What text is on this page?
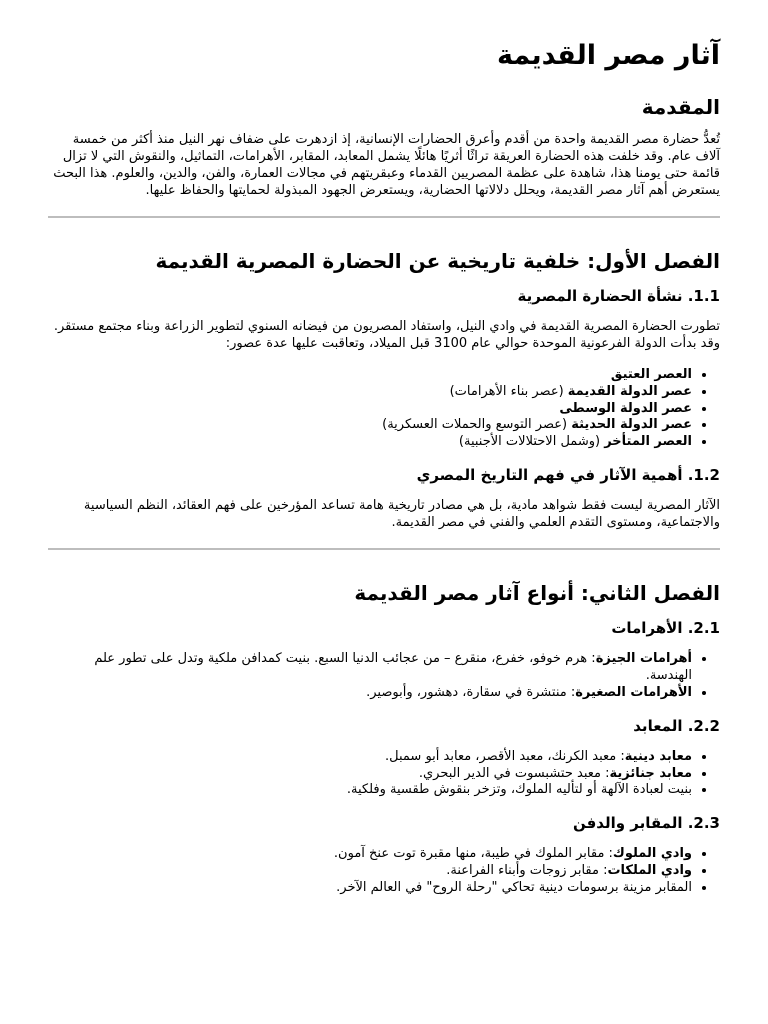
آثار مصر القديمة
المقدمة

تُعدُّ حضارة مصر القديمة واحدة من أقدم وأعرق الحضارات الإنسانية، إذ ازدهرت على ضفاف نهر النيل منذ أكثر من خمسة آلاف عام. وقد خلفت هذه الحضارة العريقة تراثًا أثريًا هائلًا يشمل المعابد، المقابر، الأهرامات، التماثيل، والنقوش التي لا تزال قائمة حتى يومنا هذا، شاهدة على عظمة المصريين القدماء وعبقريتهم في مجالات العمارة، والفن، والدين، والعلوم. هذا البحث يستعرض أهم آثار مصر القديمة، ويحلل دلالاتها الحضارية، ويستعرض الجهود المبذولة لحمايتها والحفاظ عليها.

الفصل الأول: خلفية تاريخية عن الحضارة المصرية القديمة
1.1. نشأة الحضارة المصرية

تطورت الحضارة المصرية القديمة في وادي النيل، واستفاد المصريون من فيضانه السنوي لتطوير الزراعة وبناء مجتمع مستقر. وقد بدأت الدولة الفرعونية الموحدة حوالي عام 3100 قبل الميلاد، وتعاقبت عليها عدة عصور:

• العصر العتيق
• عصر الدولة القديمة (عصر بناء الأهرامات)
• عصر الدولة الوسطى
• عصر الدولة الحديثة (عصر التوسع والحملات العسكرية)
• العصر المتأخر (وشمل الاحتلالات الأجنبية)
1.2. أهمية الآثار في فهم التاريخ المصري

الآثار المصرية ليست فقط شواهد مادية، بل هي مصادر تاريخية هامة تساعد المؤرخين على فهم العقائد، النظم السياسية والاجتماعية، ومستوى التقدم العلمي والفني في مصر القديمة.

الفصل الثاني: أنواع آثار مصر القديمة
2.1. الأهرامات
• أهرامات الجيزة: هرم خوفو، خفرع، منقرع – من عجائب الدنيا السبع. بنيت كمدافن ملكية وتدل على تطور علم الهندسة.
• الأهرامات الصغيرة: منتشرة في سقارة، دهشور، وأبوصير.
2.2. المعابد
• معابد دينية: معبد الكرنك، معبد الأقصر، معابد أبو سمبل.
• معابد جنائزية: معبد حتشبسوت في الدير البحري.
• بنيت لعبادة الآلهة أو لتأليه الملوك، وتزخر بنقوش طقسية وفلكية.
2.3. المقابر والدفن
• وادي الملوك: مقابر الملوك في طيبة، منها مقبرة توت عنخ آمون.
• وادي الملكات: مقابر زوجات وأبناء الفراعنة.
• المقابر مزينة برسومات دينية تحاكي "رحلة الروح" في العالم الآخر.
